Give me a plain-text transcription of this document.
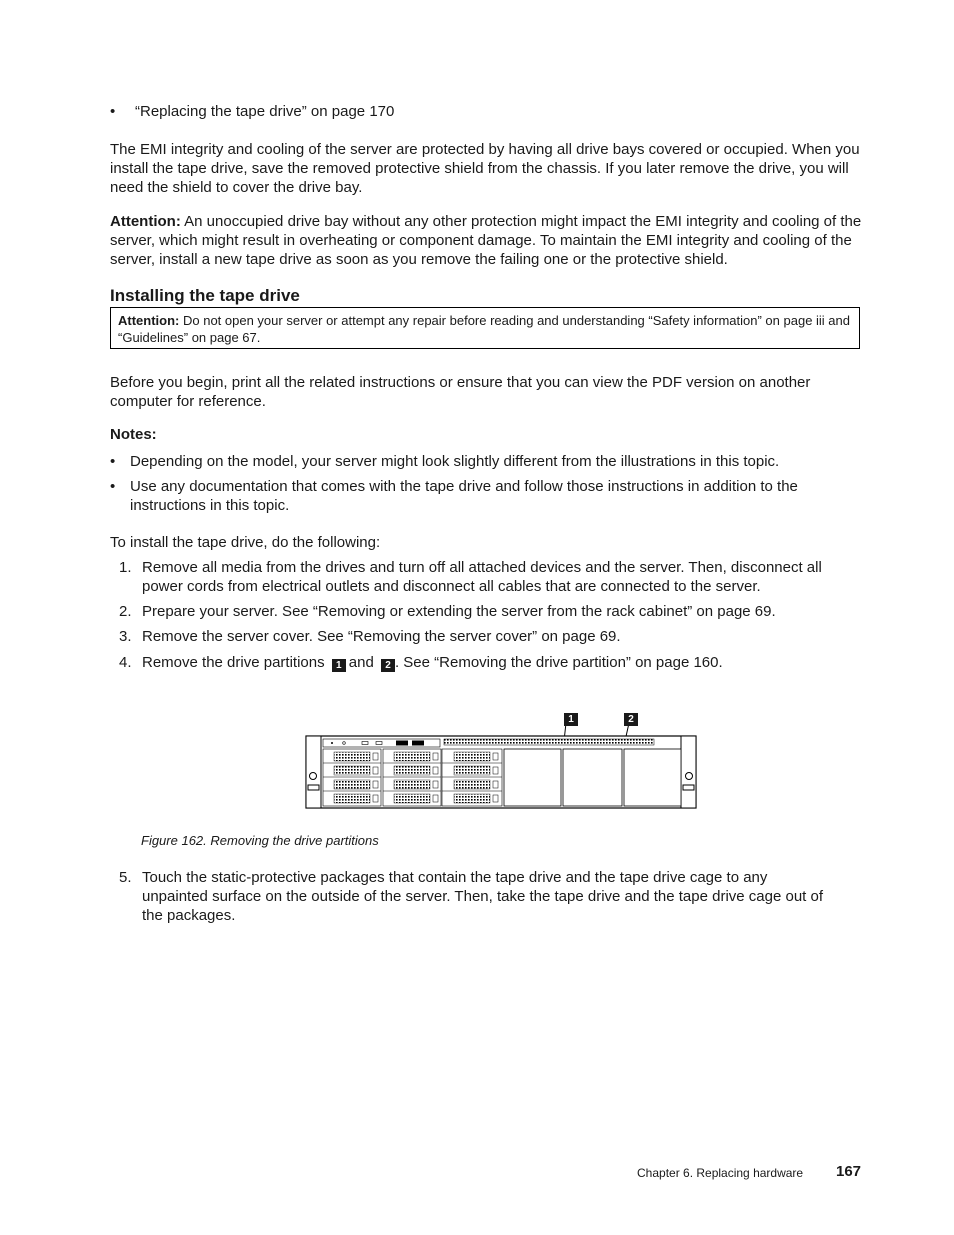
• “Replacing the tape drive” on page 170

The EMI integrity and cooling of the server are protected by having all drive bays covered or occupied. When you install the tape drive, save the removed protective shield from the chassis. If you later remove the drive, you will need the shield to cover the drive bay.

Attention: An unoccupied drive bay without any other protection might impact the EMI integrity and cooling of the server, which might result in overheating or component damage. To maintain the EMI integrity and cooling of the server, install a new tape drive as soon as you remove the failing one or the protective shield.

Installing the tape drive
Attention: Do not open your server or attempt any repair before reading and understanding “Safety information” on page iii and “Guidelines” on page 67.

Before you begin, print all the related instructions or ensure that you can view the PDF version on another computer for reference.

Notes:

• Depending on the model, your server might look slightly different from the illustrations in this topic.
• Use any documentation that comes with the tape drive and follow those instructions in addition to the instructions in this topic.

To install the tape drive, do the following:

1. Remove all media from the drives and turn off all attached devices and the server. Then, disconnect all power cords from electrical outlets and disconnect all cables that are connected to the server.
2. Prepare your server. See “Removing or extending the server from the rack cabinet” on page 69.
3. Remove the server cover. See “Removing the server cover” on page 69.
4. Remove the drive partitions 1 and 2 . See “Removing the drive partition” on page 160.
1	2

Figure 162. Removing the drive partitions

5. Touch the static-protective packages that contain the tape drive and the tape drive cage to any unpainted surface on the outside of the server. Then, take the tape drive and the tape drive cage out of the packages.
Chapter 6. Replacing hardware 167
